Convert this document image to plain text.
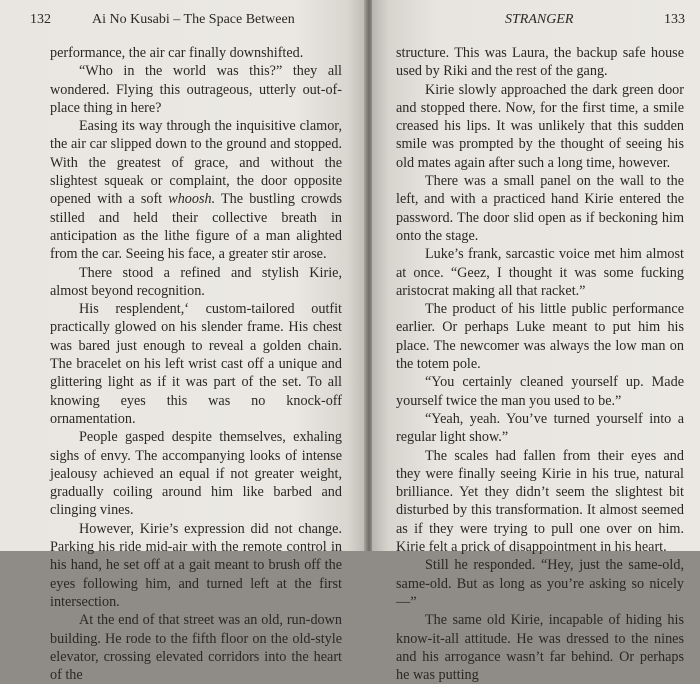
132	Ai No Kusabi – The Space Between

performance, the air car finally downshifted.

“Who in the world was this?” they all wondered. Flying this outrageous, utterly out-of-place thing in here?

Easing its way through the inquisitive clamor, the air car slipped down to the ground and stopped. With the greatest of grace, and without the slightest squeak or complaint, the door opposite opened with a soft whoosh. The bustling crowds stilled and held their collective breath in anticipation as the lithe figure of a man alighted from the car. Seeing his face, a greater stir arose.

There stood a refined and stylish Kirie, almost beyond recognition.

His resplendent,‘ custom-tailored outfit practically glowed on his slender frame. His chest was bared just enough to reveal a golden chain. The bracelet on his left wrist cast off a unique and glittering light as if it was part of the set. To all knowing eyes this was no knock-off ornamentation.

People gasped despite themselves, exhaling sighs of envy. The accompanying looks of intense jealousy achieved an equal if not greater weight, gradually coiling around him like barbed and clinging vines.

However, Kirie’s expression did not change. Parking his ride mid-air with the remote control in his hand, he set off at a gait meant to brush off the eyes following him, and turned left at the first intersection.

At the end of that street was an old, run-down building. He rode to the fifth floor on the old-style elevator, crossing elevated corridors into the heart of the

STRANGER	133

structure. This was Laura, the backup safe house used by Riki and the rest of the gang.

Kirie slowly approached the dark green door and stopped there. Now, for the first time, a smile creased his lips. It was unlikely that this sudden smile was prompted by the thought of seeing his old mates again after such a long time, however.

There was a small panel on the wall to the left, and with a practiced hand Kirie entered the password. The door slid open as if beckoning him onto the stage.

Luke’s frank, sarcastic voice met him almost at once. “Geez, I thought it was some fucking aristocrat making all that racket.”

The product of his little public performance earlier. Or perhaps Luke meant to put him his place. The newcomer was always the low man on the totem pole.

“You certainly cleaned yourself up. Made yourself twice the man you used to be.”

“Yeah, yeah. You’ve turned yourself into a regular light show.”

The scales had fallen from their eyes and they were finally seeing Kirie in his true, natural brilliance. Yet they didn’t seem the slightest bit disturbed by this transformation. It almost seemed as if they were trying to pull one over on him. Kirie felt a prick of disappointment in his heart.

Still he responded. “Hey, just the same-old, same-old. But as long as you’re asking so nicely—”

The same old Kirie, incapable of hiding his know-it-all attitude. He was dressed to the nines and his arrogance wasn’t far behind. Or perhaps he was putting
